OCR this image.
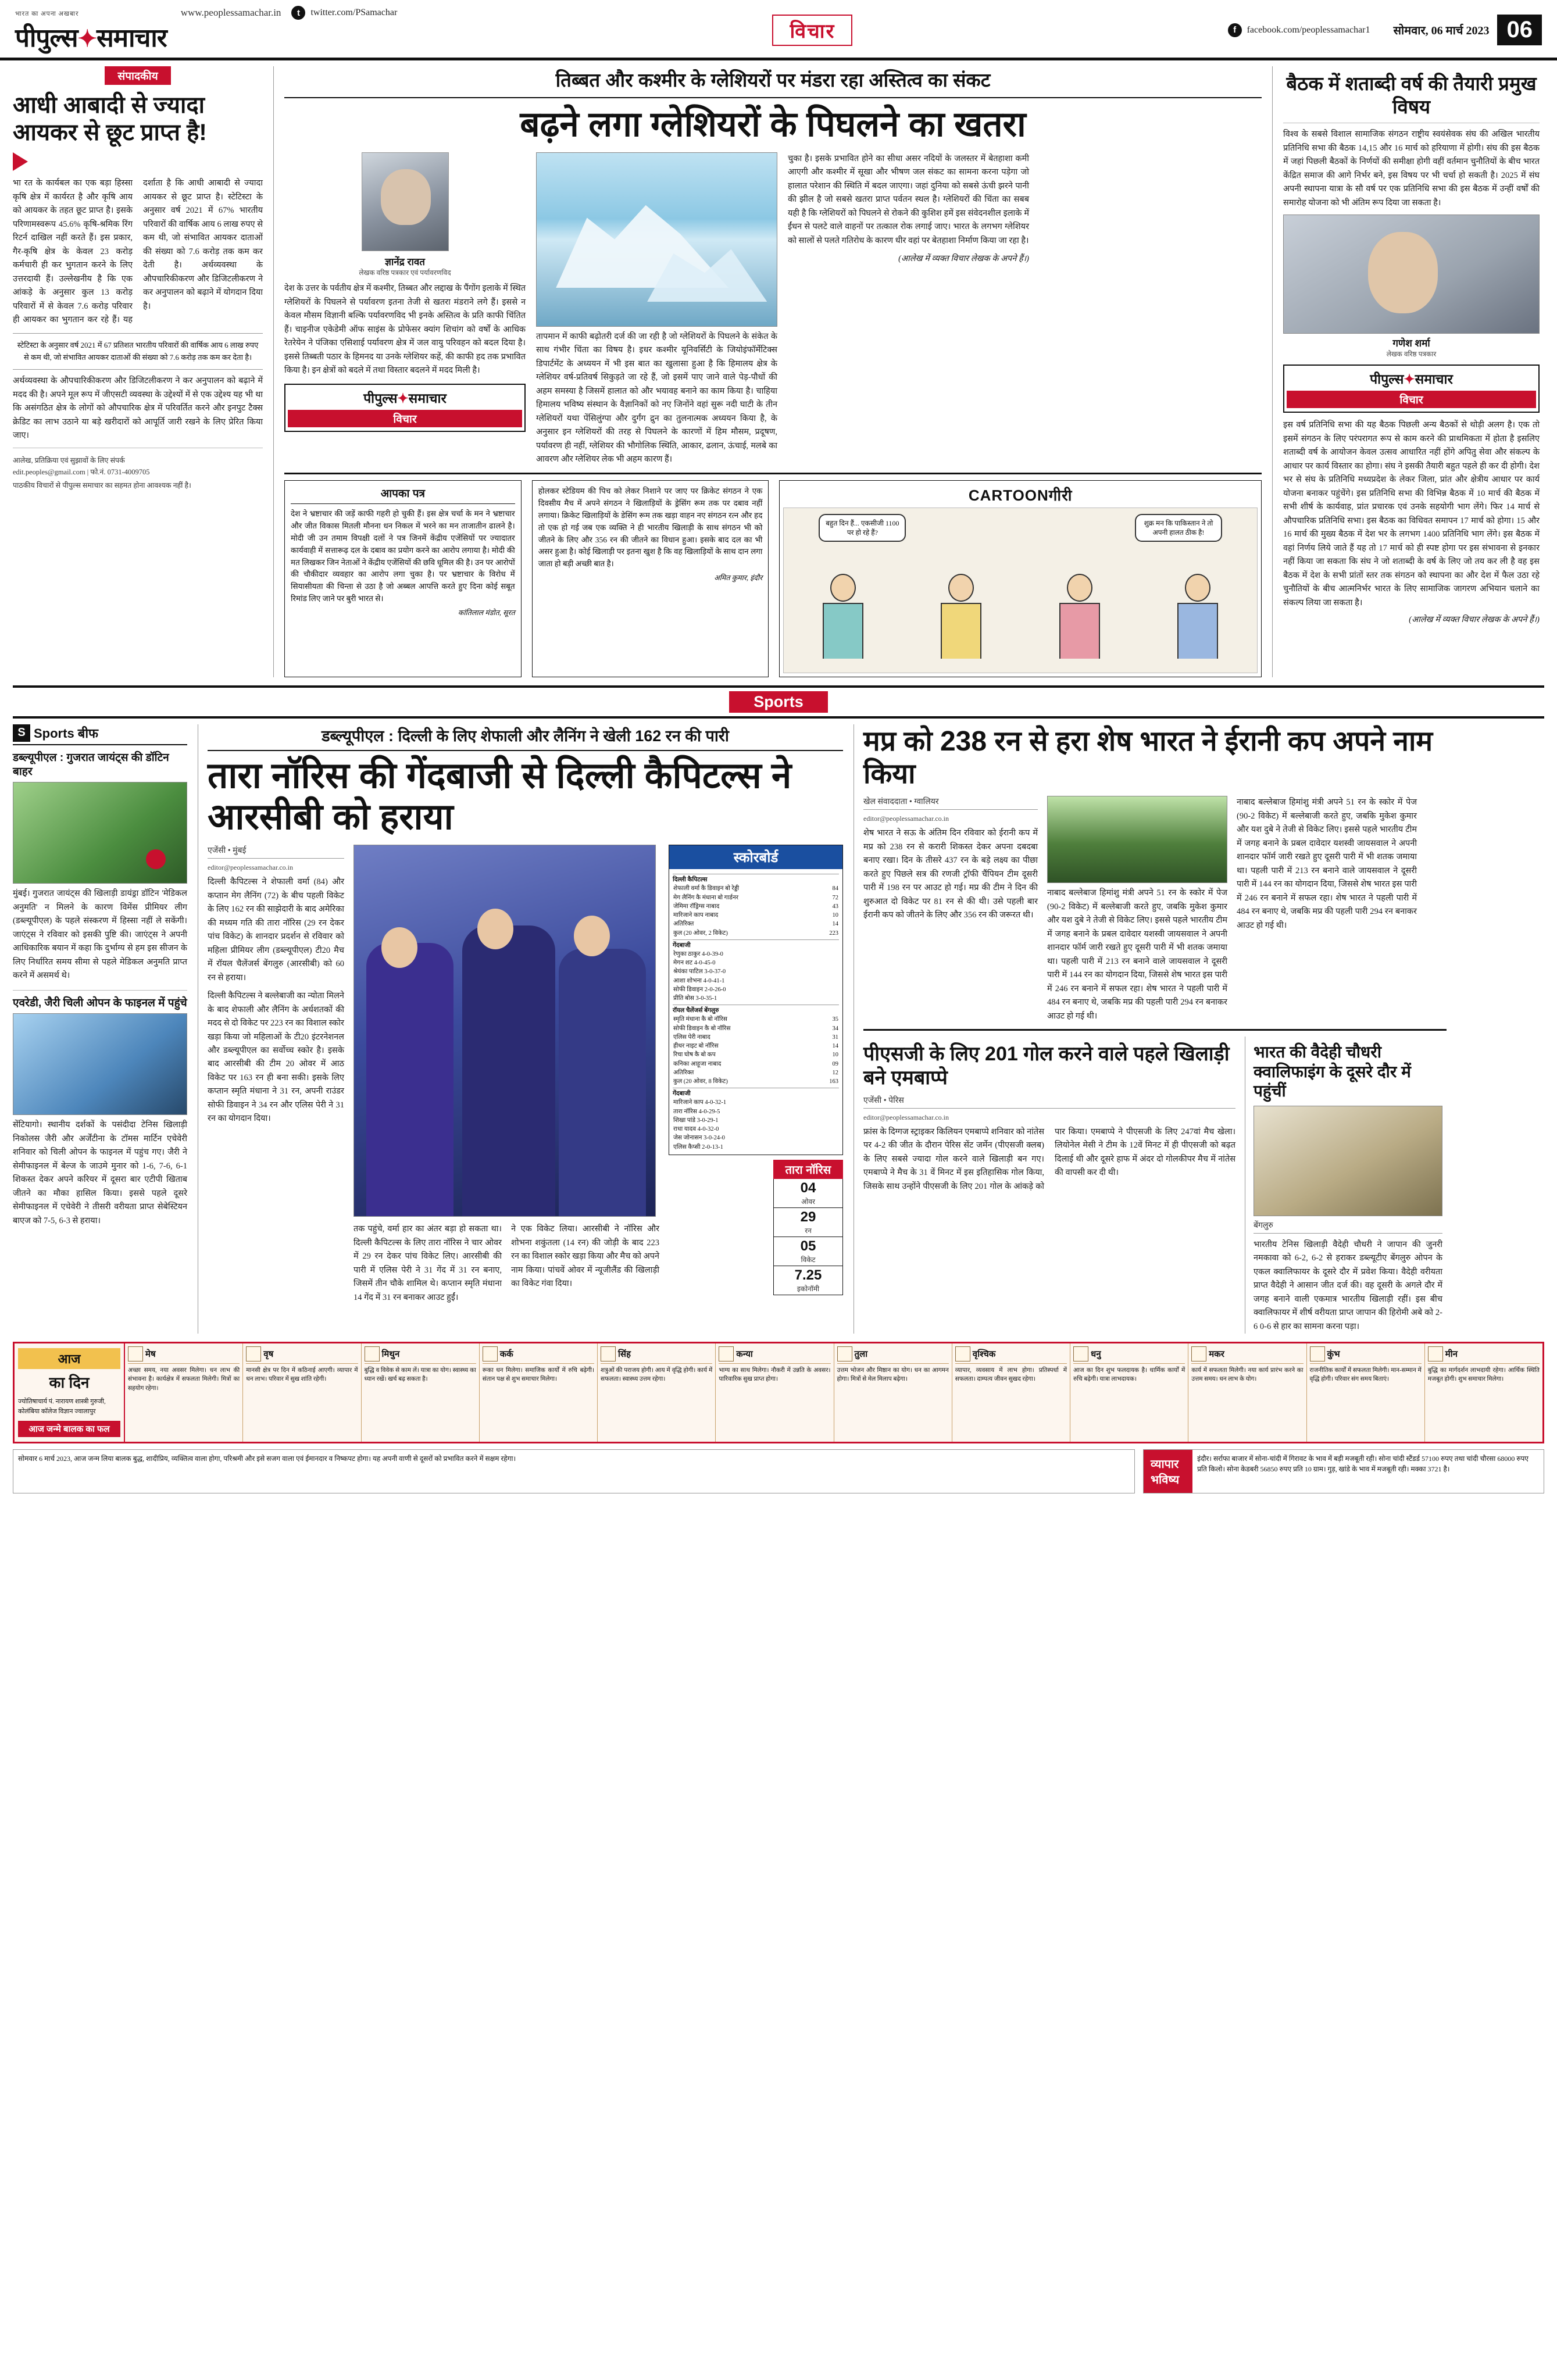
भारत का अपना अखबार
पीपुल्स✦समाचार
www.peoplessamachar.in	t	twitter.com/PSamachar
विचार	f	facebook.com/peoplessamachar1 सोमवार, 06 मार्च 2023 06
संपादकीय
आधी आबादी से ज्यादा आयकर से छूट प्राप्त है!
भा रत के कार्यबल का एक बड़ा हिस्सा कृषि क्षेत्र में कार्यरत है और कृषि आय को आयकर के तहत छूट प्राप्त है। इसके परिणामस्वरूप 45.6% कृषि-श्रमिक रिंग रिटर्न दाखिल नहीं करते हैं। इस प्रकार, गैर-कृषि क्षेत्र के केवल 23 करोड़ कर्मचारी ही कर भुगतान करने के लिए उत्तरदायी हैं। उल्लेखनीय है कि एक आंकड़े के अनुसार कुल 13 करोड़ परिवारों में से केवल 7.6 करोड़ परिवार ही आयकर का भुगतान कर रहे हैं। यह दर्शाता है कि आधी आबादी से ज्यादा आयकर से छूट प्राप्त है। स्टेटिस्टा के अनुसार वर्ष 2021 में 67% भारतीय परिवारों की वार्षिक आय 6 लाख रुपए से कम थी, जो संभावित आयकर दाताओं की संख्या को 7.6 करोड़ तक कम कर देती है। अर्थव्यवस्था के औपचारिकीकरण और डिजिटलीकरण ने कर अनुपालन को बढ़ाने में योगदान दिया है।
स्टेटिस्टा के अनुसार वर्ष 2021 में 67 प्रतिशत भारतीय परिवारों की वार्षिक आय 6 लाख रुपए से कम थी, जो संभावित आयकर दाताओं की संख्या को 7.6 करोड़ तक कम कर देता है।
अर्थव्यवस्था के औपचारिकीकरण और डिजिटलीकरण ने कर अनुपालन को बढ़ाने में मदद की है। अपने मूल रूप में जीएसटी व्यवस्था के उद्देश्यों में से एक उद्देश्य यह भी था कि असंगठित क्षेत्र के लोगों को औपचारिक क्षेत्र में परिवर्तित करने और इनपुट टैक्स क्रेडिट का लाभ उठाने या बड़े खरीदारों को आपूर्ति जारी रखने के लिए प्रेरित किया जाए।
आलेख, प्रतिक्रिया एवं सुझावों के लिए संपर्क
edit.peoples@gmail.com | फो.नं. 0731-4009705
पाठकीय विचारों से पीपुल्स समाचार का सहमत होना आवश्यक नहीं है।
तिब्बत और कश्मीर के ग्लेशियरों पर मंडरा रहा अस्तित्व का संकट
बढ़ने लगा ग्लेशियरों के पिघलने का खतरा
ज्ञानेंद्र रावत
लेखक वरिष्ठ पत्रकार एवं पर्यावरणविद
देश के उत्तर के पर्वतीय क्षेत्र में कश्मीर, तिब्बत और लद्दाख के पैंगोंग इलाके में स्थित ग्लेशियरों के पिघलने से पर्यावरण इतना तेजी से खतरा मंडराने लगे हैं। इससे न केवल मौसम विज्ञानी बल्कि पर्यावरणविद भी इनके अस्तित्व के प्रति काफी चिंतित हैं। चाइनीज एकेडेमी ऑफ साइंस के प्रोफेसर क्यांग शिचांग को वर्षों के आधिक रेतरेयेन ने पंजिका एसिशाई पर्यावरण क्षेत्र में जल वायु परिवहन को बदल दिया है। इससे तिब्बती पठार के हिमनद या उनके ग्लेशियर कहें, की काफी हद तक प्रभावित किया है। इन क्षेत्रों को बदले में तथा विस्तार बदलने में मदद मिली है।
पीपुल्स✦समाचार
विचार
तापमान में काफी बढ़ोतरी दर्ज की जा रही है जो ग्लेशियरों के पिघलने के संकेत के साथ गंभीर चिंता का विषय है। इधर कश्मीर यूनिवर्सिटी के जियोइंफॉर्मेटिक्स डिपार्टमेंट के अध्ययन में भी इस बात का खुलासा हुआ है कि हिमालय क्षेत्र के ग्लेशियर वर्ष-प्रतिवर्ष सिकुड़ते जा रहे हैं, जो इसमें पाए जाने वाले पेड़-पौधों की अहम समस्या है जिसमें हालात को और भयावह बनाने का काम किया है। चाहिया हिमालय भविष्य संस्थान के वैज्ञानिकों को नए जिनोंने वहां सुरू नदी घाटी के तीन ग्लेशियरों यथा पेंसिलुंग्पा और दुर्गंग द्रुन का तुलनात्मक अध्ययन किया है, के अनुसार इन ग्लेशियरों की तरह से पिघलने के कारणों में हिम मौसम, प्रदूषण, पर्यावरण ही नहीं, ग्लेशियर की भौगोलिक स्थिति, आकार, ढलान, ऊंचाई, मलबे का आवरण और ग्लेशियर लेक भी अहम कारण हैं।
चुका है। इसके प्रभावित होने का सीधा असर नदियों के जलस्तर में बेतहाशा कमी आएगी और कश्मीर में सूखा और भीषण जल संकट का सामना करना पड़ेगा जो हालात परेशान की स्थिति में बदल जाएगा। जहां दुनिया को सबसे ऊंची झरने पानी की झील है जो सबसे खतरा प्राप्त पर्वतन स्थल है। ग्लेशियरों की चिंता का सबब यही है कि ग्लेशियरों को पिघलने से रोकने की कुशिश हमें इस संवेदनशील इलाके में ईंधन से पलटे वाले वाहनों पर तत्काल रोक लगाई जाए। भारत के लगभग ग्लेशियर को सालों से पलते गतिरोध के कारण धीर वहां पर बेतहाशा निर्माण किया जा रहा है।
(आलेख में व्यक्त विचार लेखक के अपने हैं।)
आपका पत्र
देश ने भ्रष्टाचार की जड़ें काफी गहरी हो चुकी हैं। इस क्षेत्र चर्चा के मन ने भ्रष्टाचार और जीत विकास मितली मौनना धन निकल में भरने का मन ताजातीन ढालने है। मोदी जी उन तमाम विपक्षी दलों ने पत्र जिनमें केंद्रीय एजेंसियों पर ज्यादातर कार्यवाही में सत्तारूढ़ दल के दबाव का प्रयोग करने का आरोप लगाया है। मोदी की मत लिखकर जिन नेताओं ने केंद्रीय एजेंसियों की छवि धूमिल की है। उन पर आरोपों की चौकीदार व्यवहार का आरोप लगा चुका है। पर भ्रष्टाचार के विरोध में सियासीयता की चिन्ता से उठा है जो अब्बल आपत्ति करते हुए दिना कोई सबूत रिमांड लिए जाने पर बुरी भारत से।
कांतिलाल मंडोत, सूरत
होलकर स्टेडियम की पिच को लेकर निशाने पर जाए पर क्रिकेट संगठन ने एक दिवसीय मैच में अपने संगठन ने खिलाड़ियों के ड्रेसिंग रूम तक पर दबाव नहीं लगाया। क्रिकेट खिलाड़ियों के डेसिंग रूम तक खड़ा वाहन नए संगठन रत्न और हद तो एक हो गई जब एक व्यक्ति ने ही भारतीय खिलाड़ी के साथ संगठन भी को जीतने के लिए और 356 रन की जीतने का विधान हुआ। इसके बाद दल का भी असर हुआ है। कोई खिलाड़ी पर इतना खुश है कि वह खिलाड़ियों के साथ दान लगा जाता हो बड़ी अच्छी बात है।
अमित कुमार, इंदौर
CARTOONगीरी
बहुत दिन हैं... एकसीजी 1100 पर हो रहे हैं?
शुक्र मन कि पाकिस्तान ने तो अपनी हालत ठीक है!
बैठक में शताब्दी वर्ष की तैयारी प्रमुख विषय
विश्व के सबसे विशाल सामाजिक संगठन राष्ट्रीय स्वयंसेवक संघ की अखिल भारतीय प्रतिनिधि सभा की बैठक 14,15 और 16 मार्च को हरियाणा में होगी। संघ की इस बैठक में जहां पिछली बैठकों के निर्णयों की समीक्षा होगी वहीं वर्तमान चुनौतियों के बीच भारत केंद्रित समाज की आगे निर्भर बने, इस विषय पर भी चर्चा हो सकती है। 2025 में संघ अपनी स्थापना यात्रा के सौ वर्ष पर एक प्रतिनिधि सभा की इस बैठक में उन्हीं वर्षों की समारोह योजना को भी अंतिम रूप दिया जा सकता है।
गणेश शर्मा
लेखक वरिष्ठ पत्रकार
पीपुल्स✦समाचार
विचार
इस वर्ष प्रतिनिधि सभा की यह बैठक पिछली अन्य बैठकों से थोड़ी अलग है। एक तो इसमें संगठन के लिए परंपरागत रूप से काम करने की प्राथमिकता में होता है इसलिए शताब्दी वर्ष के आयोजन केवल उत्सव आधारित नहीं होंगे अपितु सेवा और संकल्प के आधार पर कार्य विस्तार का होगा। संघ ने इसकी तैयारी बहुत पहले ही कर दी होगी। देश भर से संघ के प्रतिनिधि मध्यप्रदेश के लेकर जिला, प्रांत और क्षेत्रीय आधार पर कार्य योजना बनाकर पहुंचेंगे। इस प्रतिनिधि सभा की विभिन्न बैठक में 10 मार्च की बैठक में सभी शीर्ष के कार्यवाह, प्रांत प्रचारक एवं उनके सहयोगी भाग लेंगे। फिर 14 मार्च से औपचारिक प्रतिनिधि सभा। इस बैठक का विधिवत समापन 17 मार्च को होगा। 15 और 16 मार्च की मुख्य बैठक में देश भर के लगभग 1400 प्रतिनिधि भाग लेंगे। इस बैठक में वहां निर्णय लिये जाते हैं यह तो 17 मार्च को ही स्पष्ट होगा पर इस संभावना से इनकार नहीं किया जा सकता कि संघ ने जो शताब्दी के वर्ष के लिए जो तय कर ली है वह इस बैठक में देश के सभी प्रांतों स्तर तक संगठन को स्थापना का और देश में फैल उठा रहे चुनौतियों के बीच आत्मनिर्भर भारत के लिए सामाजिक जागरण अभियान चलाने का संकल्प लिया जा सकता है।
(आलेख में व्यक्त विचार लेखक के अपने हैं।)
Sports
S Sports बीफ
डब्ल्यूपीएल : गुजरात जायंट्स की डॉटिन बाहर
मुंबई। गुजरात जायंट्स की खिलाड़ी डायंड्रा डॉटिन 'मेडिकल अनुमति' न मिलने के कारण विमेंस प्रीमियर लीग (डब्ल्यूपीएल) के पहले संस्करण में हिस्सा नहीं ले सकेंगी। जाएंट्स ने रविवार को इसकी पुष्टि की। जाएंट्स ने अपनी आधिकारिक बयान में कहा कि दुर्भाग्य से हम इस सीजन के लिए निर्धारित समय सीमा से पहले मेडिकल अनुमति प्राप्त करने में असमर्थ थे।
एवरेडी, जैरी चिली ओपन के फाइनल में पहुंचे
सेंटियागो। स्थानीय दर्शकों के पसंदीदा टेनिस खिलाड़ी निकोलस जैरी और अर्जेंटीना के टॉमस मार्टिन एचेवेरी शनिवार को चिली ओपन के फाइनल में पहुंच गए। जैरी ने सेमीफाइनल में बेल्ज के जाउमे मुनार को 1-6, 7-6, 6-1 शिकस्त देकर अपने करियर में दूसरा बार एटीपी खिताब जीतने का मौका हासिल किया। इससे पहले दूसरे सेमीफाइनल में एचेवेरी ने तीसरी वरीयता प्राप्त सेबेस्टियन बाएज को 7-5, 6-3 से हराया।
डब्ल्यूपीएल : दिल्ली के लिए शेफाली और लैनिंग ने खेली 162 रन की पारी
तारा नॉरिस की गेंदबाजी से दिल्ली कैपिटल्स ने आरसीबी को हराया
एजेंसी • मुंबई
editor@peoplessamachar.co.in
दिल्ली कैपिटल्स ने शेफाली वर्मा (84) और कप्तान मेग लैनिंग (72) के बीच पहली विकेट के लिए 162 रन की साझेदारी के बाद अमेरिका की मध्यम गति की तारा नॉरिस (29 रन देकर पांच विकेट) के शानदार प्रदर्शन से रविवार को महिला प्रीमियर लीग (डब्ल्यूपीएल) टी20 मैच में रॉयल चैलेंजर्स बेंगलुरु (आरसीबी) को 60 रन से हराया।
दिल्ली कैपिटल्स ने बल्लेबाजी का न्योता मिलने के बाद शेफाली और लैनिंग के अर्धशतकों की मदद से दो विकेट पर 223 रन का विशाल स्कोर खड़ा किया जो महिलाओं के टी20 इंटरनेशनल और डब्ल्यूपीएल का सर्वोच्च स्कोर है। इसके बाद आरसीबी की टीम 20 ओवर में आठ विकेट पर 163 रन ही बना सकी। इसके लिए कप्तान स्मृति मंधाना ने 31 रन, अपनी राउंडर सोफी डिवाइन ने 34 रन और एलिस पेरी ने 31 रन का योगदान दिया।
तक पहुंचे, वर्मा हार का अंतर बड़ा हो सकता था। दिल्ली कैपिटल्स के लिए तारा नॉरिस ने चार ओवर में 29 रन देकर पांच विकेट लिए। आरसीबी की पारी में एलिस पेरी ने 31 गेंद में 31 रन बनाए, जिसमें तीन चौके शामिल थे। कप्तान स्मृति मंधाना 14 गेंद में 31 रन बनाकर आउट हुईं।
ने एक विकेट लिया। आरसीबी ने नॉरिस और शोभना शकुंतला (14 रन) की जोड़ी के बाद 223 रन का विशाल स्कोर खड़ा किया और मैच को अपने नाम किया। पांचवें ओवर में न्यूजीलैंड की खिलाड़ी का विकेट गंवा दिया।
स्कोरबोर्ड
दिल्ली कैपिटल्स
शेफाली वर्मा कै डिवाइन बो रेड्डी	84
मेग लैनिंग कै मंधाना बो गार्डनर	72
जेमिमा रॉड्रिग्स नाबाद	43
मारिजाने काप नाबाद	10
अतिरिक्त	14
कुल (20 ओवर, 2 विकेट)	223
गेंदबाजी
रेणुका ठाकुर 4-0-39-0
मेगन शट 4-0-45-0
श्रेयंका पाटिल 3-0-37-0
आशा शोभना 4-0-41-1
सोफी डिवाइन 2-0-26-0
प्रीति बोस 3-0-35-1
रॉयल चैलेंजर्स बेंगलुरु
स्मृति मंधाना कै बो नॉरिस	35
सोफी डिवाइन कै बो नॉरिस	34
एलिस पेरी नाबाद	31
हीथर नाइट बो नॉरिस	14
रिचा घोष कै बो कप	10
कनिका आहूजा नाबाद	09
अतिरिक्त	12
कुल (20 ओवर, 8 विकेट)	163
गेंदबाजी
मारिजाने काप 4-0-32-1
तारा नॉरिस 4-0-29-5
शिखा पांडे 3-0-29-1
राधा यादव 4-0-32-0
जेस जोनासन 3-0-24-0
एलिस कैप्सी 2-0-13-1
तारा नॉरिस
04
ओवर
29
रन
05
विकेट
7.25
इकोनॉमी
मप्र को 238 रन से हरा शेष भारत ने ईरानी कप अपने नाम किया
खेल संवाददाता • ग्वालियर
editor@peoplessamachar.co.in
शेष भारत ने सऊ के अंतिम दिन रविवार को ईरानी कप में मप्र को 238 रन से करारी शिकस्त देकर अपना दबदबा बनाए रखा। दिन के तीसरे 437 रन के बड़े लक्ष्य का पीछा करते हुए पिछले सत्र की रणजी ट्रॉफी चैंपियन टीम दूसरी पारी में 198 रन पर आउट हो गई। मप्र की टीम ने दिन की शुरुआत दो विकेट पर 81 रन से की थी। उसे पहली बार ईरानी कप को जीतने के लिए और 356 रन की जरूरत थी।
नाबाद बल्लेबाज हिमांशु मंत्री अपने 51 रन के स्कोर में पेज (90-2 विकेट) में बल्लेबाजी करते हुए, जबकि मुकेश कुमार और यश दुबे ने तेजी से विकेट लिए। इससे पहले भारतीय टीम में जगह बनाने के प्रबल दावेदार यशस्वी जायसवाल ने अपनी शानदार फॉर्म जारी रखते हुए दूसरी पारी में भी शतक जमाया था। पहली पारी में 213 रन बनाने वाले जायसवाल ने दूसरी पारी में 144 रन का योगदान दिया, जिससे शेष भारत इस पारी में 246 रन बनाने में सफल रहा। शेष भारत ने पहली पारी में 484 रन बनाए थे, जबकि मप्र की पहली पारी 294 रन बनाकर आउट हो गई थी।
नाबाद बल्लेबाज हिमांशु मंत्री अपने 51 रन के स्कोर में पेज (90-2 विकेट) में बल्लेबाजी करते हुए, जबकि मुकेश कुमार और यश दुबे ने तेजी से विकेट लिए। इससे पहले भारतीय टीम में जगह बनाने के प्रबल दावेदार यशस्वी जायसवाल ने अपनी शानदार फॉर्म जारी रखते हुए दूसरी पारी में भी शतक जमाया था। पहली पारी में 213 रन बनाने वाले जायसवाल ने दूसरी पारी में 144 रन का योगदान दिया, जिससे शेष भारत इस पारी में 246 रन बनाने में सफल रहा। शेष भारत ने पहली पारी में 484 रन बनाए थे, जबकि मप्र की पहली पारी 294 रन बनाकर आउट हो गई थी।
पीएसजी के लिए 201 गोल करने वाले पहले खिलाड़ी बने एमबाप्पे
एजेंसी • पेरिस
editor@peoplessamachar.co.in
फ्रांस के दिग्गज स्ट्राइकर किलियन एमबाप्पे शनिवार को नांतेस पर 4-2 की जीत के दौरान पेरिस सेंट जर्मेन (पीएसजी क्लब) के लिए सबसे ज्यादा गोल करने वाले खिलाड़ी बन गए। एमबाप्पे ने मैच के 31 वें मिनट में इस इतिहासिक गोल किया, जिसके साथ उन्होंने पीएसजी के लिए 201 गोल के आंकड़े को पार किया। एमबाप्पे ने पीएसजी के लिए 247वां मैच खेला। लियोनेल मेसी ने टीम के 12वें मिनट में ही पीएसजी को बढ़त दिलाई थी और दूसरे हाफ में अंदर दो गोलकीपर मैच में नांतेस की वापसी कर दी थी।
भारत की वैदेही चौधरी क्वालिफाइंग के दूसरे दौर में पहुंचीं
बेंगलुरु
भारतीय टेनिस खिलाड़ी वैदेही चौधरी ने जापान की जुनरी नमकावा को 6-2, 6-2 से हराकर डब्ल्यूटीए बेंगलुरु ओपन के एकल क्वालिफायर के दूसरे दौर में प्रवेश किया। वैदेही वरीयता प्राप्त वैदेही ने आसान जीत दर्ज की। वह दूसरी के अगले दौर में जगह बनाने वाली एकमात्र भारतीय खिलाड़ी रहीं। इस बीच क्वालिफायर में शीर्ष वरीयता प्राप्त जापान की हिरोमी अबे को 2-6 0-6 से हार का सामना करना पड़ा।
आज
का दिन
ज्योतिषाचार्य पं. नारायण शास्त्री गुरुजी, कोलंबिया कॉलेज विज्ञान ज्वालापुर
आज जन्मे बालक का फल
मेष
अच्छा समय, नया अवसर मिलेगा। धन लाभ की संभावना है। कार्यक्षेत्र में सफलता मिलेगी। मित्रों का सहयोग रहेगा।
वृष
मानसी क्षेत्र पर दिन में कठिनाई आएगी। व्यापार में धन लाभ। परिवार में सुख शांति रहेगी।
मिथुन
बुद्धि व विवेक से काम लें। यात्रा का योग। स्वास्थ्य का ध्यान रखें। खर्च बढ़ सकता है।
कर्क
रूका धन मिलेगा। समाजिक कार्यों में रुचि बढ़ेगी। संतान पक्ष से शुभ समाचार मिलेगा।
सिंह
शत्रुओं की पराजय होगी। आय में वृद्धि होगी। कार्य में सफलता। स्वास्थ्य उत्तम रहेगा।
कन्या
भाग्य का साथ मिलेगा। नौकरी में उन्नति के अवसर। पारिवारिक सुख प्राप्त होगा।
तुला
उत्तम भोजन और मिष्ठान का योग। धन का आगमन होगा। मित्रों से मेल मिलाप बढ़ेगा।
वृश्चिक
व्यापार, व्यवसाय में लाभ होगा। प्रतिस्पर्धा में सफलता। दाम्पत्य जीवन सुखद रहेगा।
धनु
आज का दिन शुभ फलदायक है। धार्मिक कार्यों में रुचि बढ़ेगी। यात्रा लाभदायक।
मकर
कार्य में सफलता मिलेगी। नया कार्य प्रारंभ करने का उत्तम समय। धन लाभ के योग।
कुंभ
राजनीतिक कार्यों में सफलता मिलेगी। मान-सम्मान में वृद्धि होगी। परिवार संग समय बिताएं।
मीन
बुद्धि का मार्गदर्शन लाभदायी रहेगा। आर्थिक स्थिति मजबूत होगी। शुभ समाचार मिलेगा।
सोमवार 6 मार्च 2023, आज जन्म लिया बालक बुद्ध, शादीप्रिय, व्यक्तित्व वाला होगा, परिश्रमी और इसे सजग वाला एवं ईमानदार व निष्कपट होगा। यह अपनी वाणी से दूसरों को प्रभावित करने में सक्षम रहेगा।	व्यापार भविष्य
इंदौर। सर्राफा बाजार में सोना-चांदी में गिरावट के भाव में बड़ी मजबूती रही। सोना चांदी स्टैंडर्ड 57100 रुपए तथा चांदी चौरसा 68000 रुपए प्रति किलो। सोना केडबरी 56850 रुपए प्रति 10 ग्राम। गुड़, खांडे के भाव में मजबूती रही। मक्का 3721 है।
